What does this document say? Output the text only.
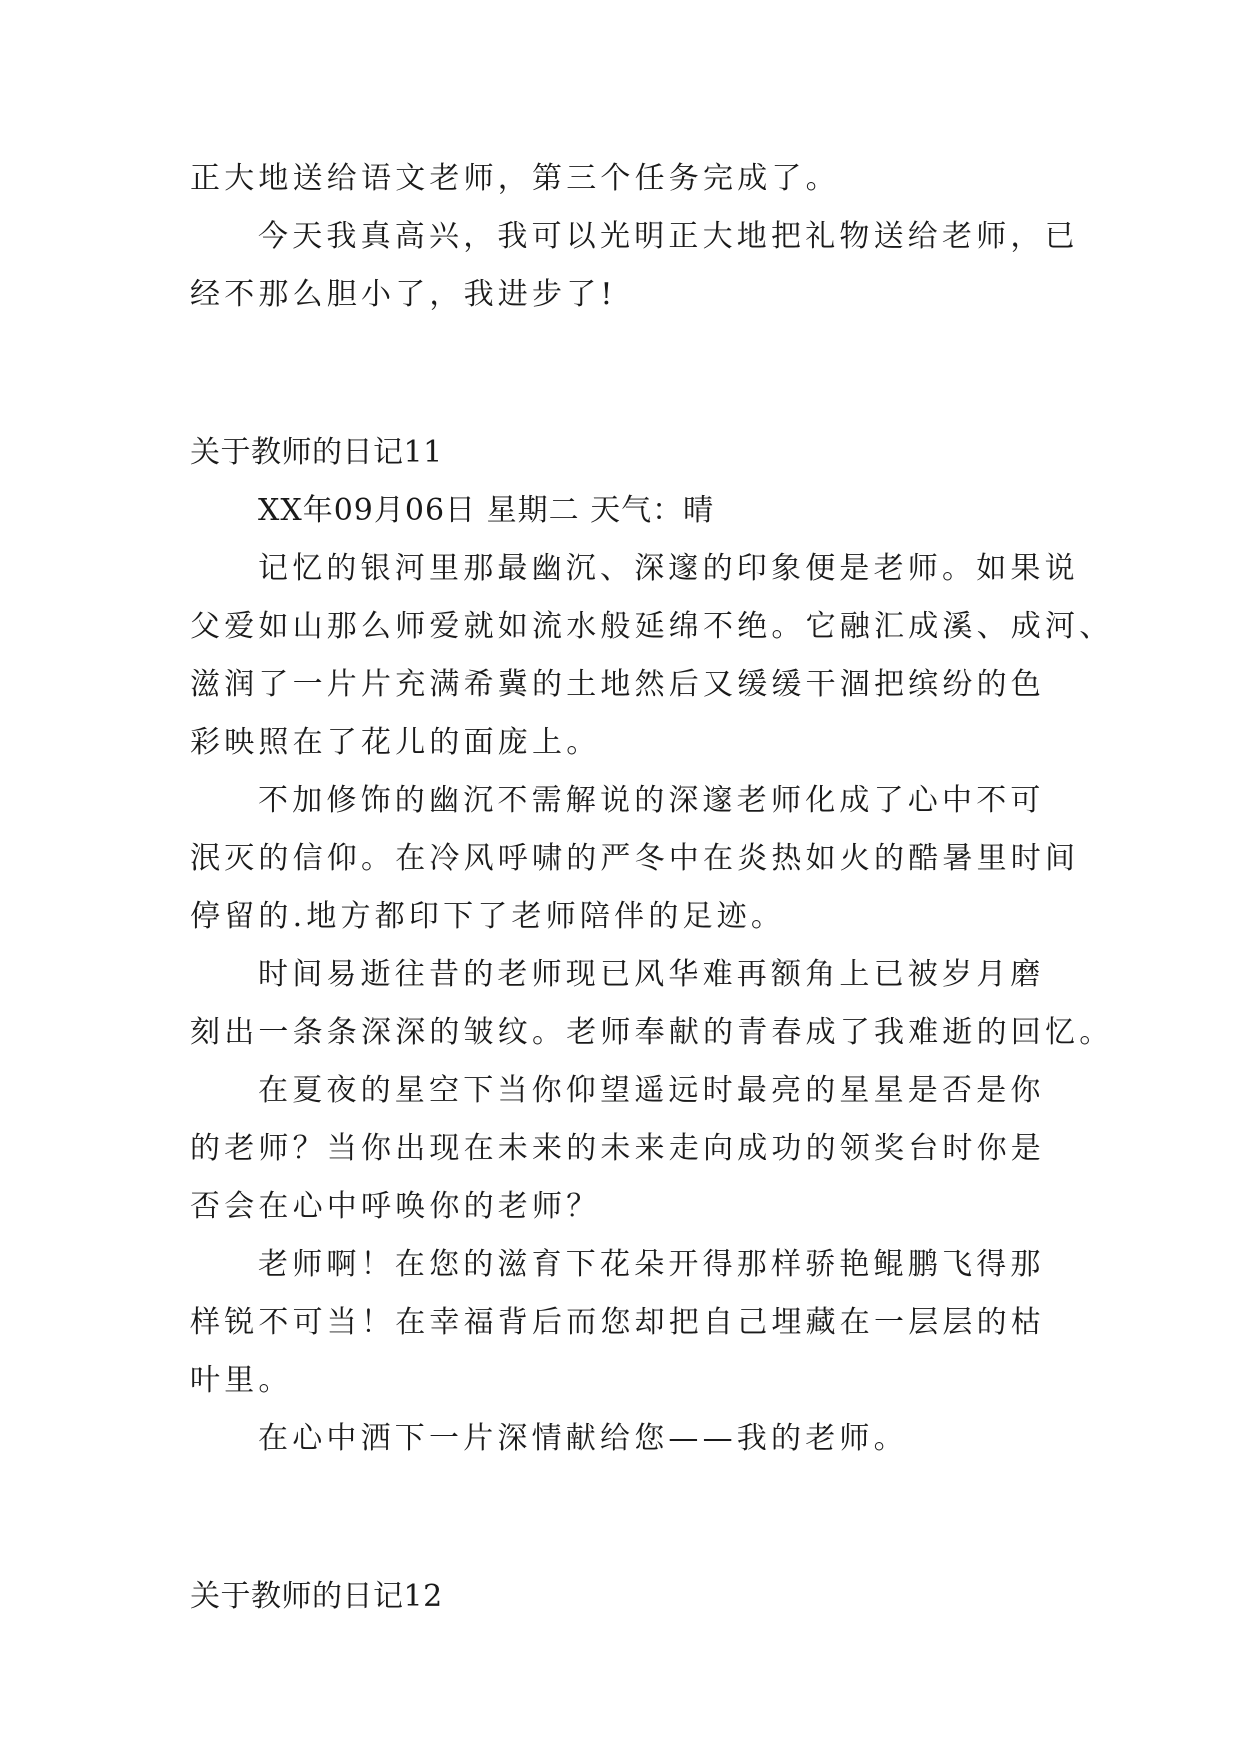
正大地送给语文老师，第三个任务完成了。

今天我真高兴，我可以光明正大地把礼物送给老师，已

经不那么胆小了，我进步了!

关于教师的日记11

XX年09月06日 星期二 天气：晴

记忆的银河里那最幽沉、深邃的印象便是老师。如果说

父爱如山那么师爱就如流水般延绵不绝。它融汇成溪、成河、

滋润了一片片充满希冀的土地然后又缓缓干涸把缤纷的色

彩映照在了花儿的面庞上。

不加修饰的幽沉不需解说的深邃老师化成了心中不可

泯灭的信仰。在冷风呼啸的严冬中在炎热如火的酷暑里时间

停留的.地方都印下了老师陪伴的足迹。

时间易逝往昔的老师现已风华难再额角上已被岁月磨

刻出一条条深深的皱纹。老师奉献的青春成了我难逝的回忆。

在夏夜的星空下当你仰望遥远时最亮的星星是否是你

的老师？当你出现在未来的未来走向成功的领奖台时你是

否会在心中呼唤你的老师？

老师啊！在您的滋育下花朵开得那样骄艳鲲鹏飞得那

样锐不可当！在幸福背后而您却把自己埋藏在一层层的枯

叶里。

在心中洒下一片深情献给您——我的老师。

关于教师的日记12
